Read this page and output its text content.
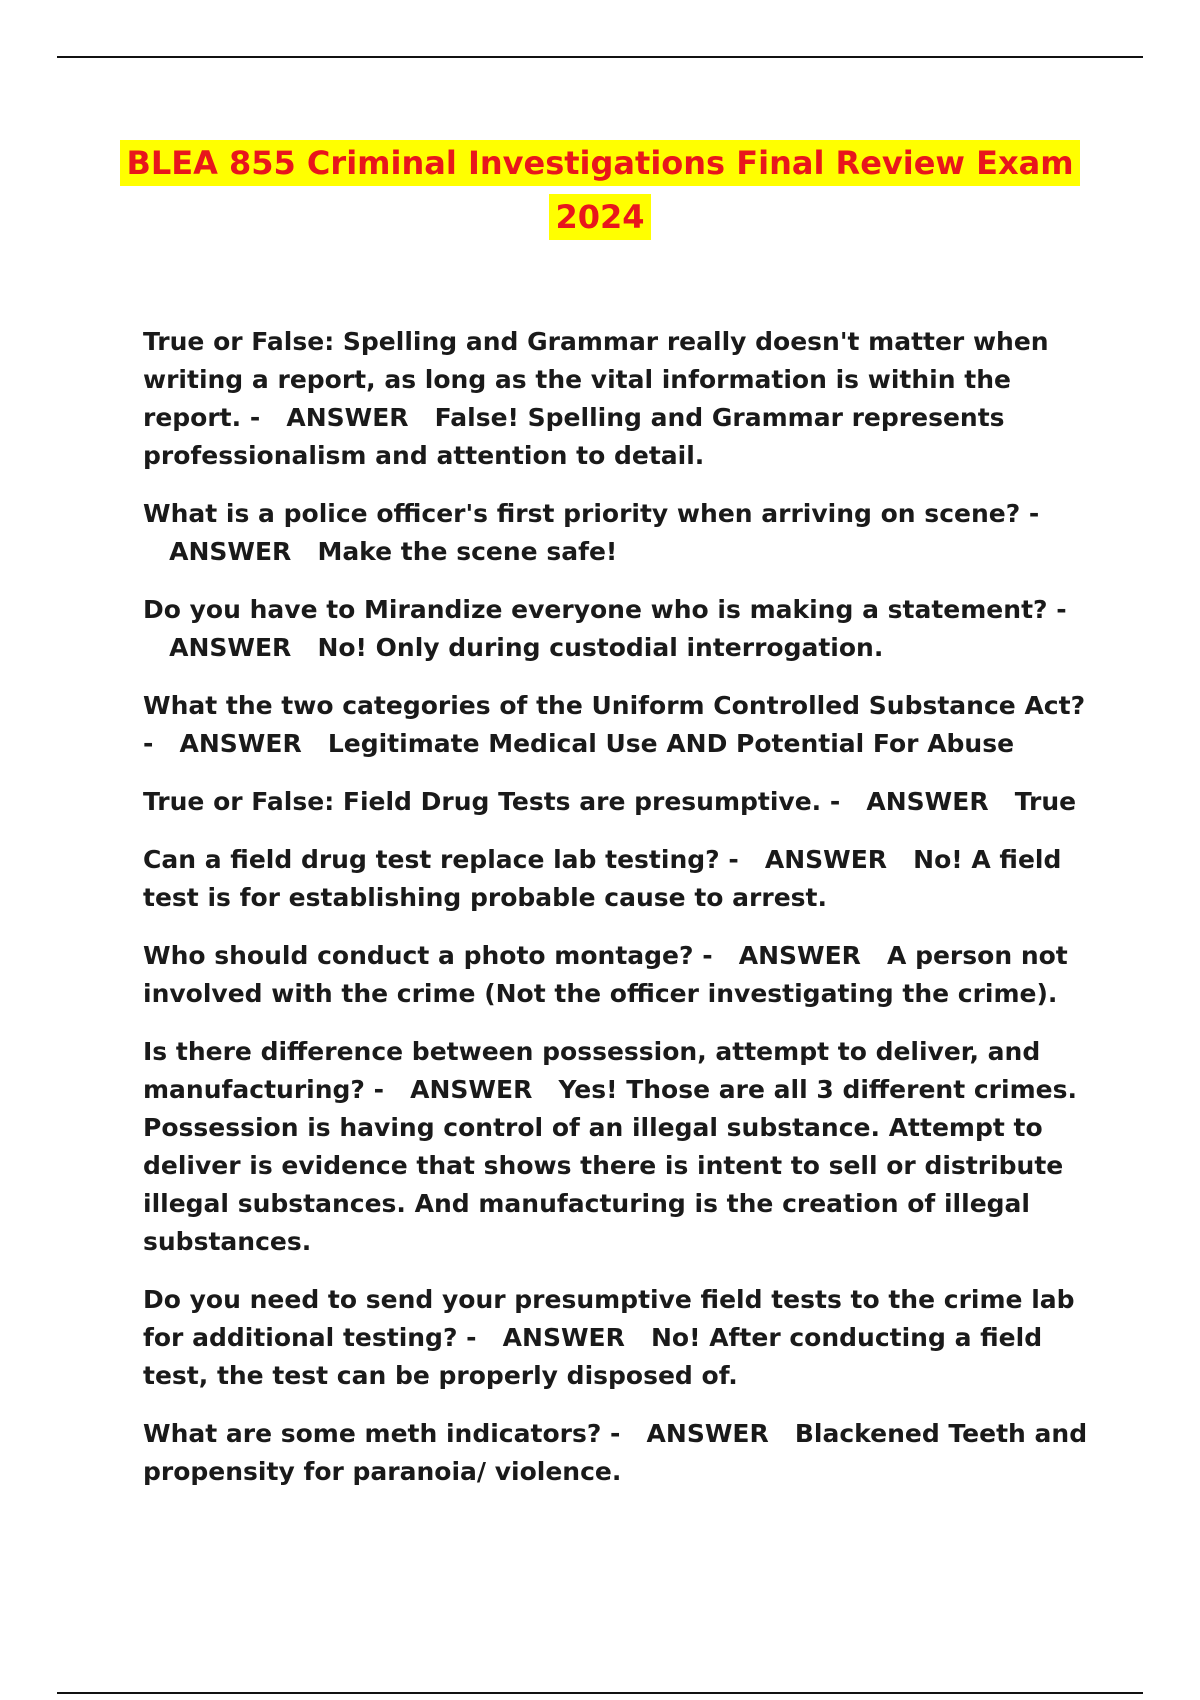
BLEA 855 Criminal Investigations Final Review Exam
2024

True or False: Spelling and Grammar really doesn't matter when writing a report, as long as the vital information is within the report. - ANSWER False! Spelling and Grammar represents professionalism and attention to detail.

What is a police officer's first priority when arriving on scene? -   ANSWER Make the scene safe!

Do you have to Mirandize everyone who is making a statement? -   ANSWER No! Only during custodial interrogation.

What the two categories of the Uniform Controlled Substance Act? - ANSWER Legitimate Medical Use AND Potential For Abuse

True or False: Field Drug Tests are presumptive. - ANSWER True

Can a field drug test replace lab testing? - ANSWER No! A field test is for establishing probable cause to arrest.

Who should conduct a photo montage? - ANSWER A person not involved with the crime (Not the officer investigating the crime).

Is there difference between possession, attempt to deliver, and manufacturing? - ANSWER Yes! Those are all 3 different crimes. Possession is having control of an illegal substance. Attempt to deliver is evidence that shows there is intent to sell or distribute illegal substances. And manufacturing is the creation of illegal substances.

Do you need to send your presumptive field tests to the crime lab for additional testing? - ANSWER No! After conducting a field test, the test can be properly disposed of.

What are some meth indicators? - ANSWER Blackened Teeth and propensity for paranoia/ violence.
